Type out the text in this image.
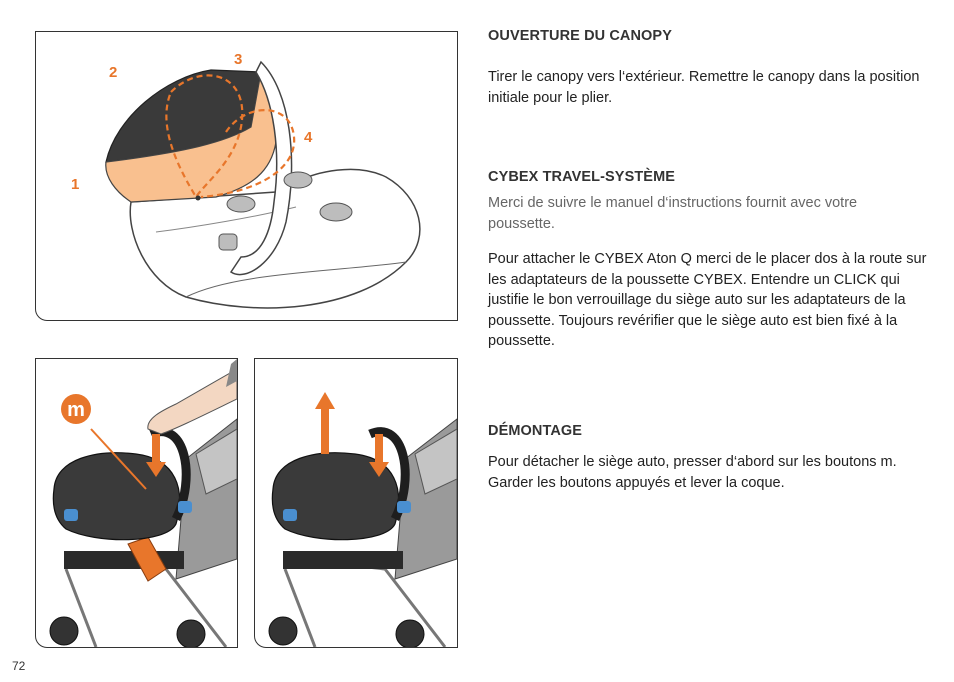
1
2
3
4
m
OUVERTURE DU CANOPY

Tirer le canopy vers l‘extérieur. Remettre le canopy dans la position initiale pour le plier.

CYBEX TRAVEL-SYSTÈME

Merci de suivre le manuel d‘instructions fournit avec votre poussette.

Pour attacher le CYBEX Aton Q merci de le placer dos à la route sur les adaptateurs de la poussette CYBEX. Entendre un CLICK qui justifie le bon verrouillage du siège auto sur les adaptateurs de la poussette. Toujours revérifier que le siège auto est bien fixé à la poussette.

DÉMONTAGE

Pour détacher le siège auto, presser d‘abord sur les boutons m. Garder les boutons appuyés et lever la coque.

72
